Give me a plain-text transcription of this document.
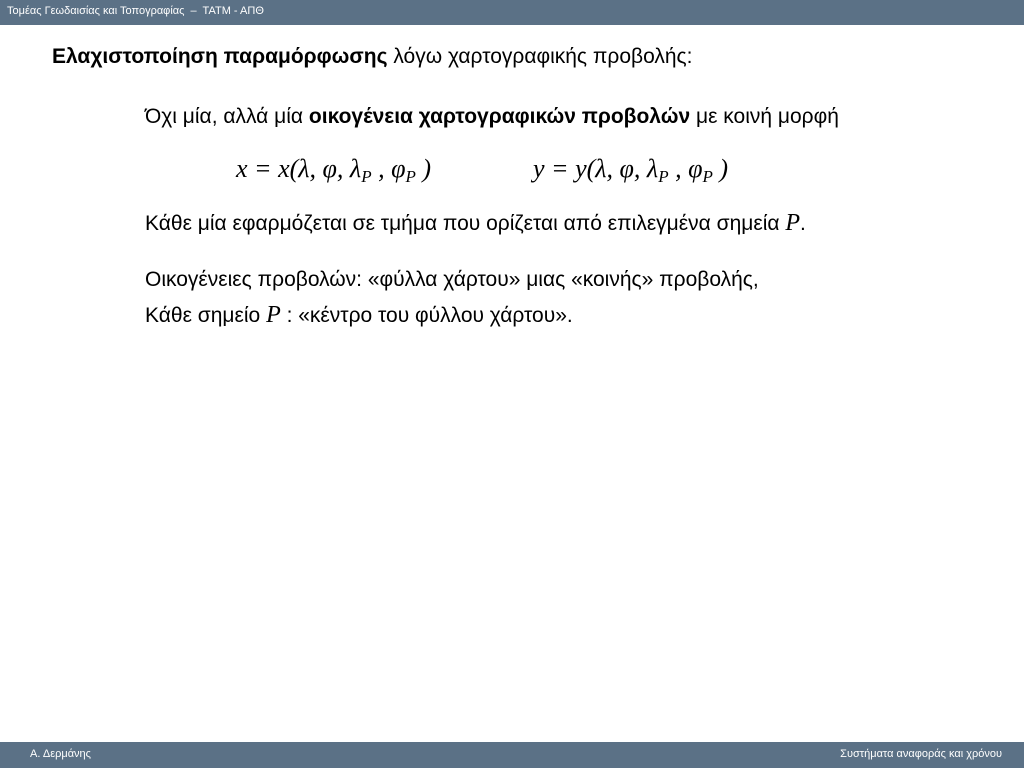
Τομέας Γεωδαισίας και Τοπογραφίας  –  ΤΑΤΜ - ΑΠΘ
Ελαχιστοποίηση παραμόρφωσης λόγω χαρτογραφικής προβολής:
Όχι μία, αλλά μία οικογένεια χαρτογραφικών προβολών με κοινή μορφή
x = x(λ, φ, $\lambda_P$ , $\varphi_P$ )	y = y(λ, φ, $\lambda_P$ , $\varphi_P$ )
Κάθε μία εφαρμόζεται σε τμήμα που ορίζεται από επιλεγμένα σημεία P.
Οικογένειες προβολών: «φύλλα χάρτου» μιας «κοινής» προβολής,
Κάθε σημείο P : «κέντρο του φύλλου χάρτου».
Α. Δερμάνης	Συστήματα αναφοράς και χρόνου
